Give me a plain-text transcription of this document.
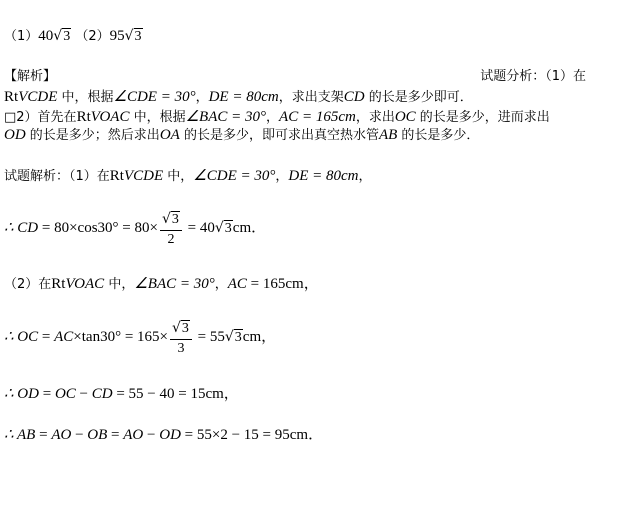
（1）40√3 （2）95√3
【解析】	试题分析：（1）在
RtVCDE 中，根据∠CDE = 30°，DE = 80cm，求出支架CD 的长是多少即可．
□2）首先在RtVOAC 中，根据∠BAC = 30°，AC = 165cm，求出OC 的长是多少，进而求出
OD 的长是多少；然后求出OA 的长是多少，即可求出真空热水管AB 的长是多少．
试题解析：（1）在RtVCDE 中，∠CDE = 30°，DE = 80cm，
∴ CD = $80\times\cos 30^\circ = 80\times \frac{√3}{2} = 40√3cm$．
（2）在RtVOAC 中，∠BAC = 30°，AC = 165cm，
∴ OC = $AC\times\tan 30^\circ = 165\times \frac{√3}{3} = 55√3cm$，
∴ OD = OC − CD = 55 − 40 = 15cm，
∴ AB = AO − OB = AO − OD = 55×2 − 15 = 95cm．
